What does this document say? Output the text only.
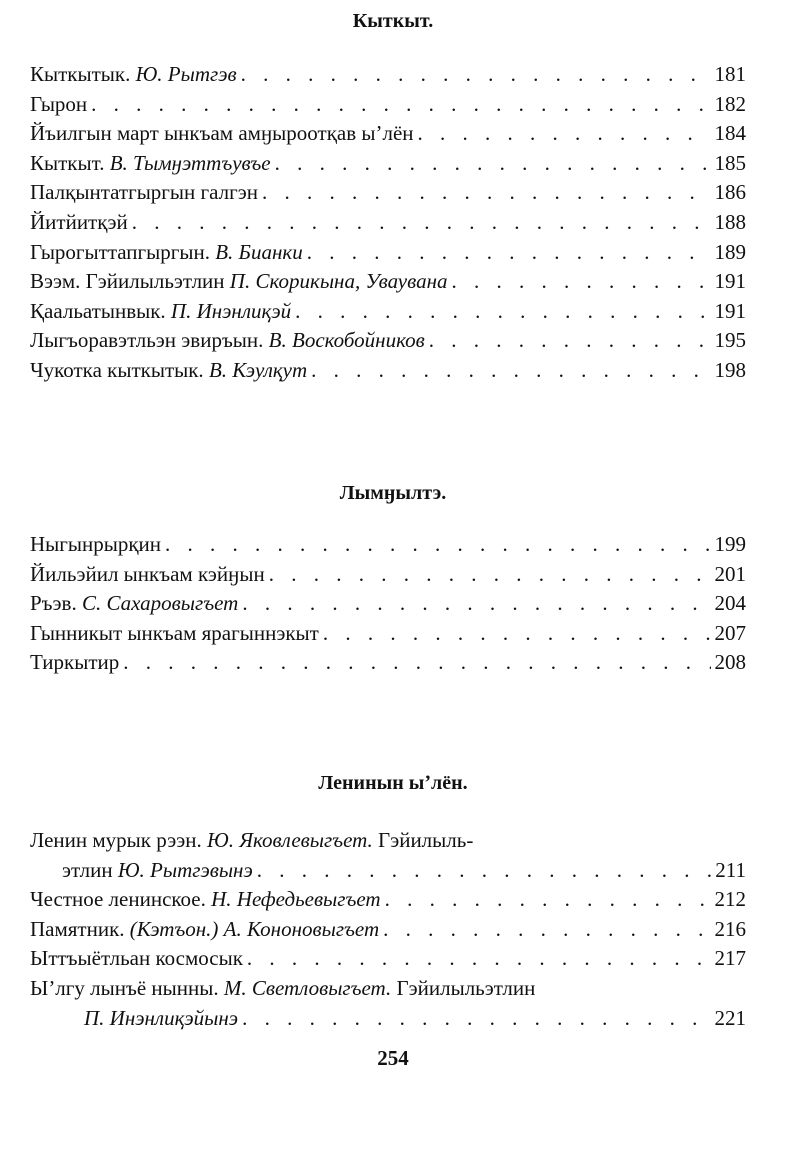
Кыткыт.
Кыткытык. Ю. Рытгэв . . .	181
Гырон . . .	182
Йъилгын март ынкъам амӈыроотқав ыʼлён . . .	184
Кыткыт. В. Тымӈэттъувъе . . .	185
Палқынтатгыргын галгэн . . .	186
Йитйитқэй . . .	188
Гырогыттапгыргын. В. Бианки . . .	189
Вээм. Гэйилыльэтлин П. Скорикына, Уваувана . . .	191
Қаальатынвык. П. Инэнлиқэй . . .	191
Лыгъоравэтльэн эвиръын. В. Воскобойников . . .	195
Чукотка кыткытык. В. Кэулқут . . .	198
Лымӈылтэ.
Ныгынрырқин . . .	199
Йильэйил ынкъам кэйӈын . . .	201
Ръэв. С. Сахаровыгъет . . .	204
Гынникыт ынкъам ярагыннэкыт . . .	207
Тиркытир . . .	208
Ленинын ыʼлён.
Ленин мурык рээн. Ю. Яковлевыгъет. Гэйилыль-
этлин Ю. Рытгэвынэ . . .	211
Честное ленинское. Н. Нефедьевыгъет . . .	212
Памятник. (Кэтъон.) А. Кононовыгъет . . .	216
Ыттъыётльан космосык . . .	217
Ыʼлгу лынъё нынны. М. Светловыгъет. Гэйилыльэтлин
П. Инэнлиқэйынэ . . .	221
254
